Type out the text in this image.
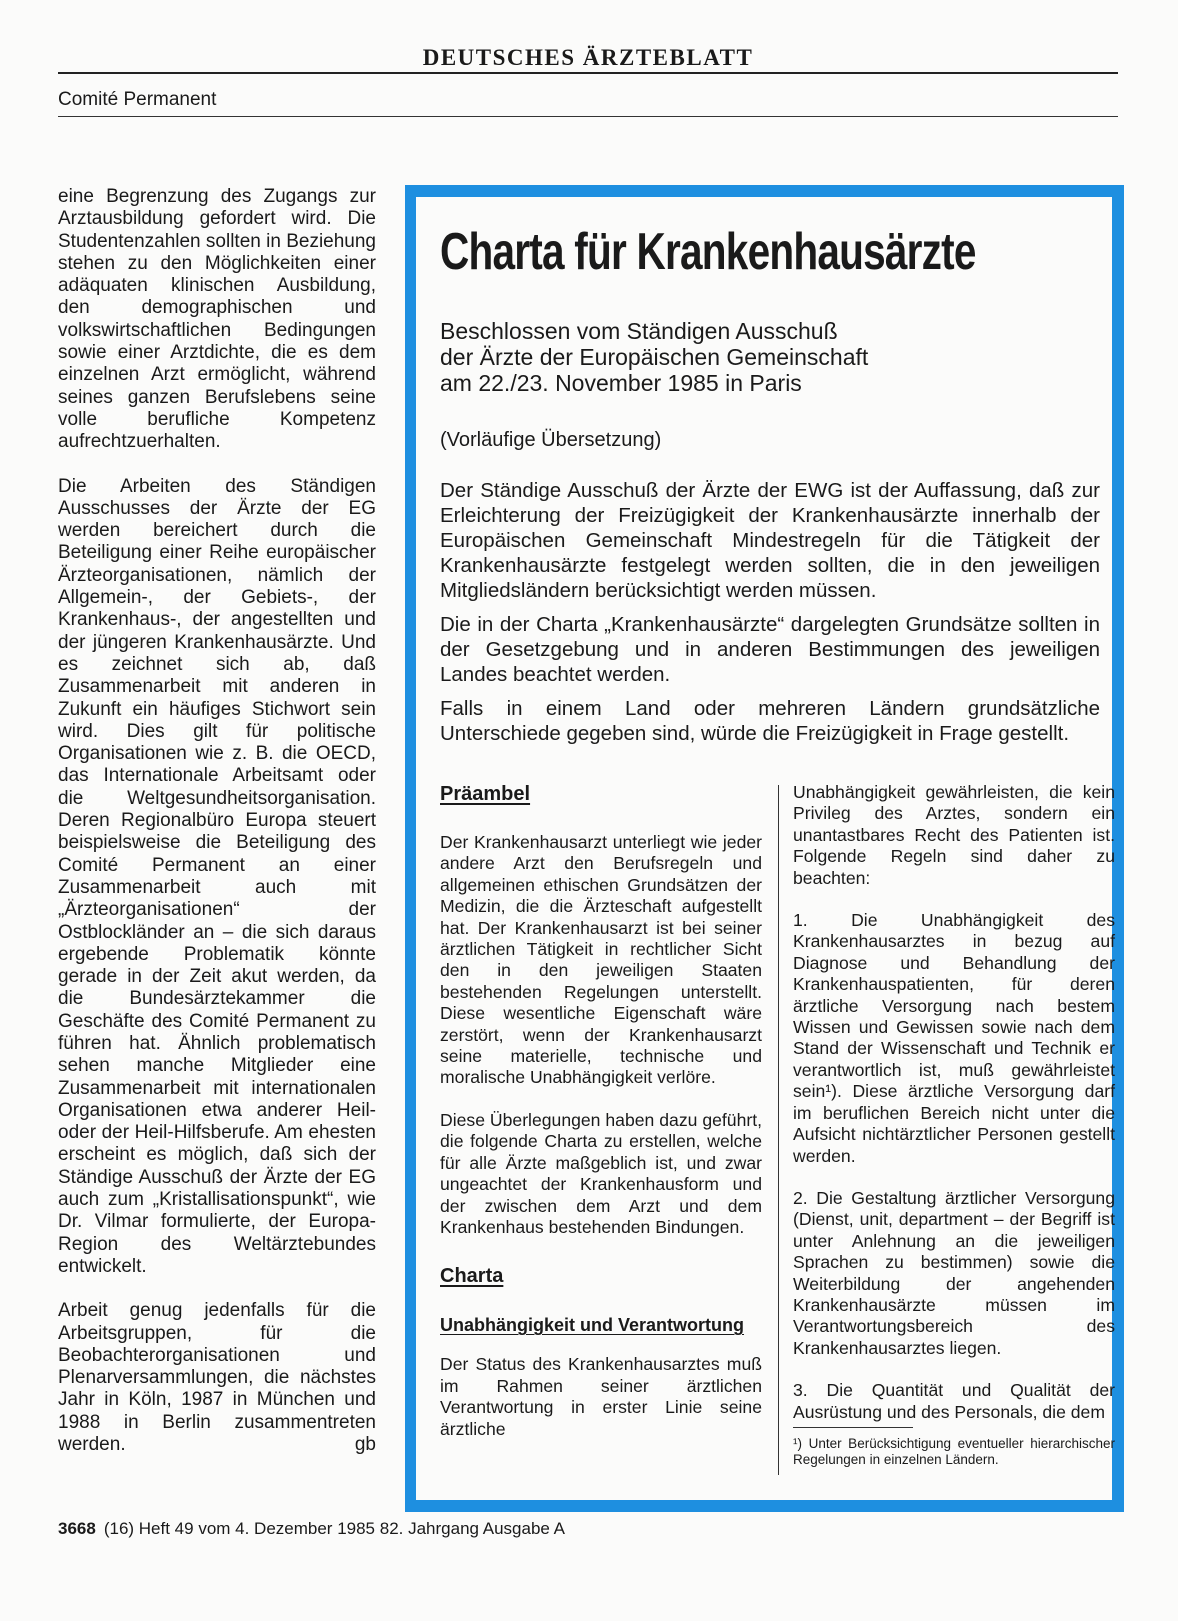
DEUTSCHES ÄRZTEBLATT
Comité Permanent

eine Begrenzung des Zugangs zur Arztausbildung gefordert wird. Die Studentenzahlen sollten in Beziehung stehen zu den Möglichkeiten einer adäquaten klinischen Ausbildung, den demographischen und volkswirtschaftlichen Bedingungen sowie einer Arztdichte, die es dem einzelnen Arzt ermöglicht, während seines ganzen Berufslebens seine volle berufliche Kompetenz aufrechtzuerhalten.

Die Arbeiten des Ständigen Ausschusses der Ärzte der EG werden bereichert durch die Beteiligung einer Reihe europäischer Ärzteorganisationen, nämlich der Allgemein-, der Gebiets-, der Krankenhaus-, der angestellten und der jüngeren Krankenhausärzte. Und es zeichnet sich ab, daß Zusammenarbeit mit anderen in Zukunft ein häufiges Stichwort sein wird. Dies gilt für politische Organisationen wie z. B. die OECD, das Internationale Arbeitsamt oder die Weltgesundheitsorganisation. Deren Regionalbüro Europa steuert beispielsweise die Beteiligung des Comité Permanent an einer Zusammenarbeit auch mit „Ärzteorganisationen“ der Ostblockländer an – die sich daraus ergebende Problematik könnte gerade in der Zeit akut werden, da die Bundesärztekammer die Geschäfte des Comité Permanent zu führen hat. Ähnlich problematisch sehen manche Mitglieder eine Zusammenarbeit mit internationalen Organisationen etwa anderer Heil- oder der Heil-Hilfsberufe. Am ehesten erscheint es möglich, daß sich der Ständige Ausschuß der Ärzte der EG auch zum „Kristallisationspunkt“, wie Dr. Vilmar formulierte, der Europa-Region des Weltärztebundes entwickelt.

Arbeit genug jedenfalls für die Arbeitsgruppen, für die Beobachterorganisationen und Plenarversammlungen, die nächstes Jahr in Köln, 1987 in München und 1988 in Berlin zusammentreten werden.	gb

Charta für Krankenhausärzte
Beschlossen vom Ständigen Ausschuß
der Ärzte der Europäischen Gemeinschaft
am 22./23. November 1985 in Paris
(Vorläufige Übersetzung)

Der Ständige Ausschuß der Ärzte der EWG ist der Auffassung, daß zur Erleichterung der Freizügigkeit der Krankenhausärzte innerhalb der Europäischen Gemeinschaft Mindestregeln für die Tätigkeit der Krankenhausärzte festgelegt werden sollten, die in den jeweiligen Mitgliedsländern berücksichtigt werden müssen.

Die in der Charta „Krankenhausärzte“ dargelegten Grundsätze sollten in der Gesetzgebung und in anderen Bestimmungen des jeweiligen Landes beachtet werden.

Falls in einem Land oder mehreren Ländern grundsätzliche Unterschiede gegeben sind, würde die Freizügigkeit in Frage gestellt.

Präambel

Der Krankenhausarzt unterliegt wie jeder andere Arzt den Berufsregeln und allgemeinen ethischen Grundsätzen der Medizin, die die Ärzteschaft aufgestellt hat. Der Krankenhausarzt ist bei seiner ärztlichen Tätigkeit in rechtlicher Sicht den in den jeweiligen Staaten bestehenden Regelungen unterstellt. Diese wesentliche Eigenschaft wäre zerstört, wenn der Krankenhausarzt seine materielle, technische und moralische Unabhängigkeit verlöre.

Diese Überlegungen haben dazu geführt, die folgende Charta zu erstellen, welche für alle Ärzte maßgeblich ist, und zwar ungeachtet der Krankenhausform und der zwischen dem Arzt und dem Krankenhaus bestehenden Bindungen.

Charta
Unabhängigkeit und Verantwortung

Der Status des Krankenhausarztes muß im Rahmen seiner ärztlichen Verantwortung in erster Linie seine ärztliche

Unabhängigkeit gewährleisten, die kein Privileg des Arztes, sondern ein unantastbares Recht des Patienten ist. Folgende Regeln sind daher zu beachten:

1. Die Unabhängigkeit des Krankenhausarztes in bezug auf Diagnose und Behandlung der Krankenhauspatienten, für deren ärztliche Versorgung nach bestem Wissen und Gewissen sowie nach dem Stand der Wissenschaft und Technik er verantwortlich ist, muß gewährleistet sein¹). Diese ärztliche Versorgung darf im beruflichen Bereich nicht unter die Aufsicht nichtärztlicher Personen gestellt werden.

2. Die Gestaltung ärztlicher Versorgung (Dienst, unit, department – der Begriff ist unter Anlehnung an die jeweiligen Sprachen zu bestimmen) sowie die Weiterbildung der angehenden Krankenhausärzte müssen im Verantwortungsbereich des Krankenhausarztes liegen.

3. Die Quantität und Qualität der Ausrüstung und des Personals, die dem

¹) Unter Berücksichtigung eventueller hierarchischer Regelungen in einzelnen Ländern.

3668 (16) Heft 49 vom 4. Dezember 1985 82. Jahrgang Ausgabe A
